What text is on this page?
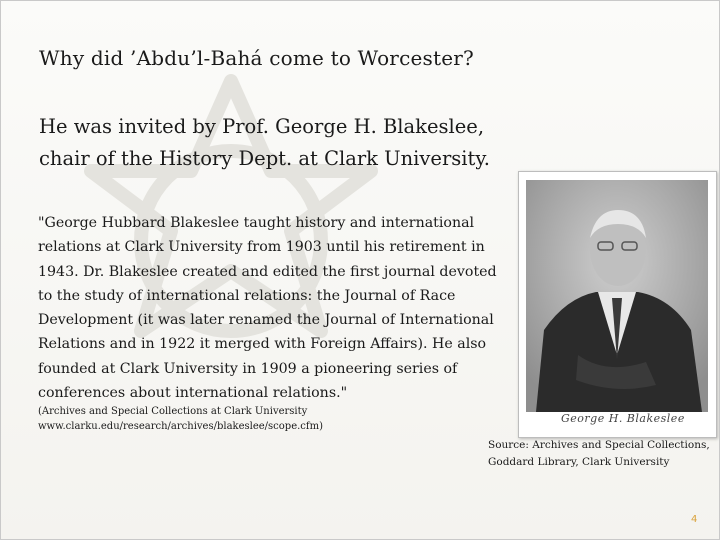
Why did ’Abdu’l-Bahá come to Worcester?
He was invited by Prof. George H. Blakeslee,
chair of the History Dept. at Clark University.
"George Hubbard Blakeslee taught history and international relations at Clark University from 1903 until his retirement in 1943. Dr. Blakeslee created and edited the first journal devoted to the study of international relations: the Journal of Race Development (it was later renamed the Journal of International Relations and in 1922 it merged with Foreign Affairs). He also founded at Clark University in 1909 a pioneering series of conferences about international relations."
(Archives and Special Collections at Clark University
www.clarku.edu/research/archives/blakeslee/scope.cfm)
George H. Blakeslee
Source: Archives and Special Collections,
Goddard Library, Clark University
4
